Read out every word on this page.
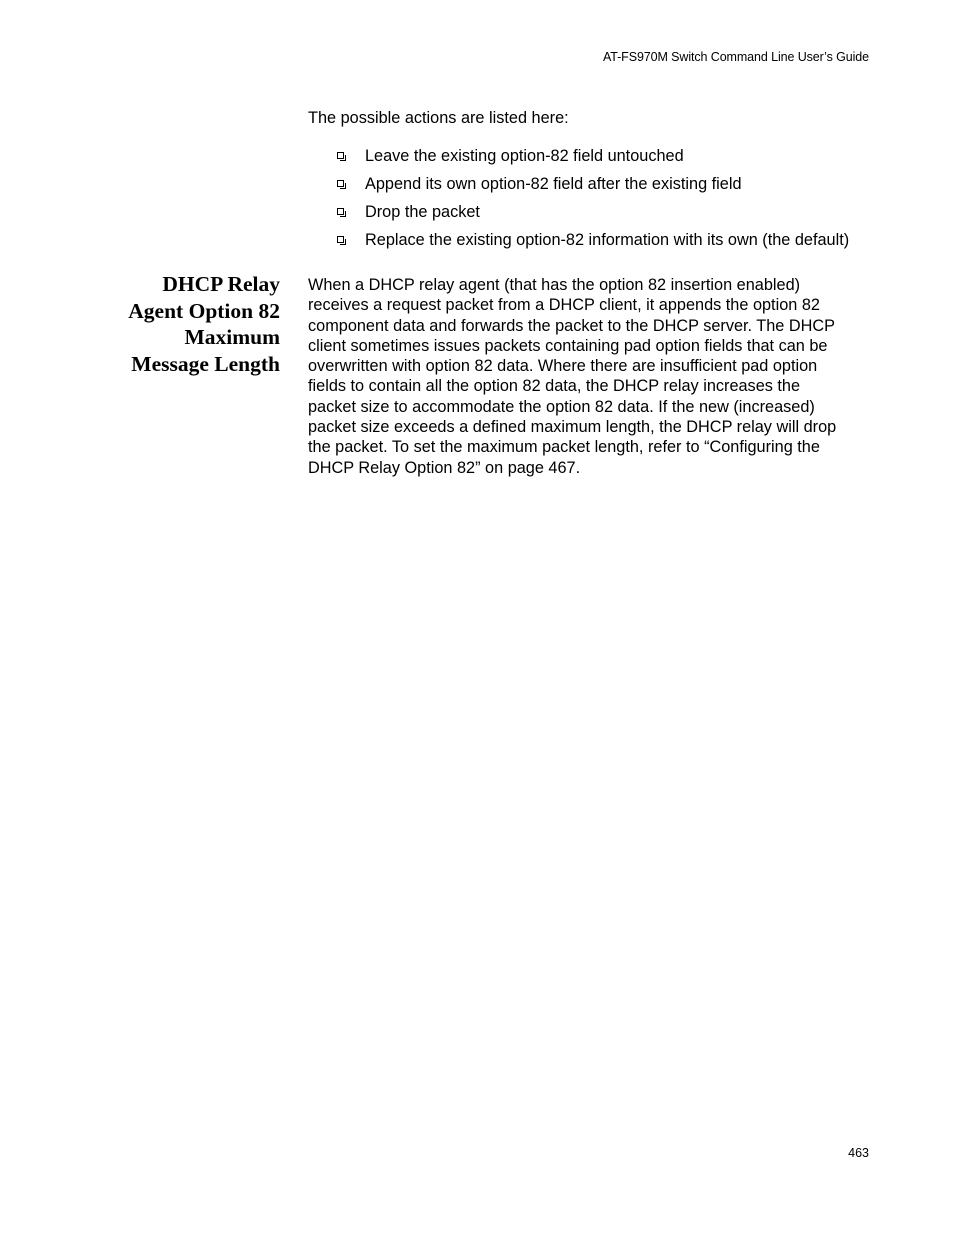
AT-FS970M Switch Command Line User’s Guide
The possible actions are listed here:
Leave the existing option-82 field untouched
Append its own option-82 field after the existing field
Drop the packet
Replace the existing option-82 information with its own (the default)
DHCP Relay
Agent Option 82
Maximum
Message Length
When a DHCP relay agent (that has the option 82 insertion enabled)
receives a request packet from a DHCP client, it appends the option 82
component data and forwards the packet to the DHCP server. The DHCP
client sometimes issues packets containing pad option fields that can be
overwritten with option 82 data. Where there are insufficient pad option
fields to contain all the option 82 data, the DHCP relay increases the
packet size to accommodate the option 82 data. If the new (increased)
packet size exceeds a defined maximum length, the DHCP relay will drop
the packet. To set the maximum packet length, refer to “Configuring the
DHCP Relay Option 82” on page 467.
463
